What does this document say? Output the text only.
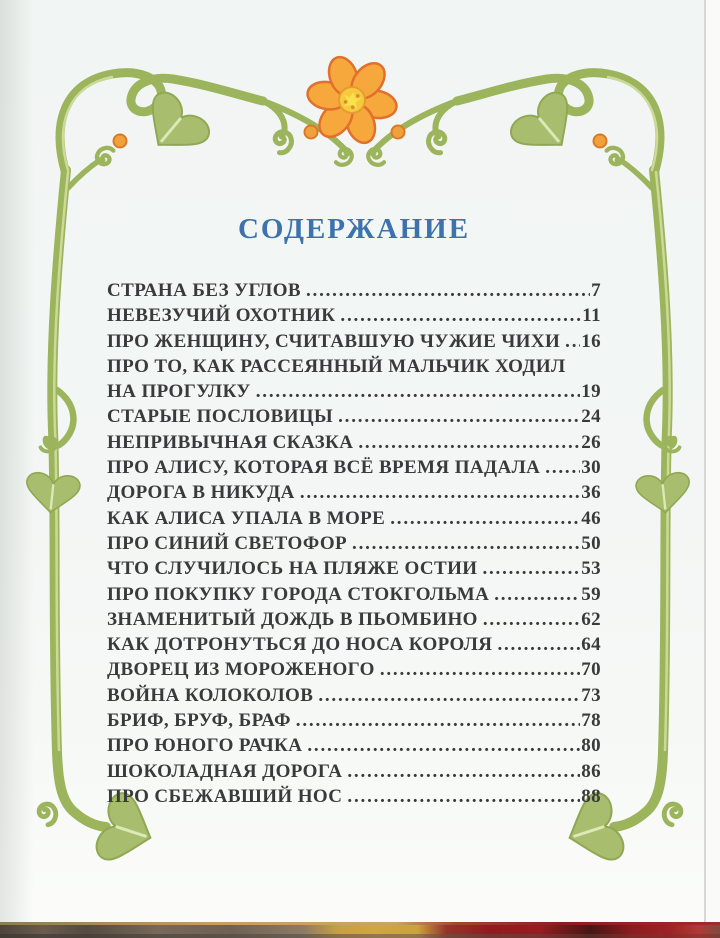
СОДЕРЖАНИЕ
СТРАНА БЕЗ УГЛОВ .....	7
НЕВЕЗУЧИЙ ОХОТНИК .....	11
ПРО ЖЕНЩИНУ, СЧИТАВШУЮ ЧУЖИЕ ЧИХИ ..... 16
ПРО ТО, КАК РАССЕЯННЫЙ МАЛЬЧИК ХОДИЛ
НА ПРОГУЛКУ .....	19
СТАРЫЕ ПОСЛОВИЦЫ .....	24
НЕПРИВЫЧНАЯ СКАЗКА .....	26
ПРО АЛИСУ, КОТОРАЯ ВСЁ ВРЕМЯ ПАДАЛА ..... 30
ДОРОГА В НИКУДА .....	36
КАК АЛИСА УПАЛА В МОРЕ .....	46
ПРО СИНИЙ СВЕТОФОР .....	50
ЧТО СЛУЧИЛОСЬ НА ПЛЯЖЕ ОСТИИ .....	53
ПРО ПОКУПКУ ГОРОДА СТОКГОЛЬМА .....	59
ЗНАМЕНИТЫЙ ДОЖДЬ В ПЬОМБИНО .....	62
КАК ДОТРОНУТЬСЯ ДО НОСА КОРОЛЯ .....	64
ДВОРЕЦ ИЗ МОРОЖЕНОГО .....	70
ВОЙНА КОЛОКОЛОВ .....	73
БРИФ, БРУФ, БРАФ .....	78
ПРО ЮНОГО РАЧКА .....	80
ШОКОЛАДНАЯ ДОРОГА .....	86
ПРО СБЕЖАВШИЙ НОС .....	88
